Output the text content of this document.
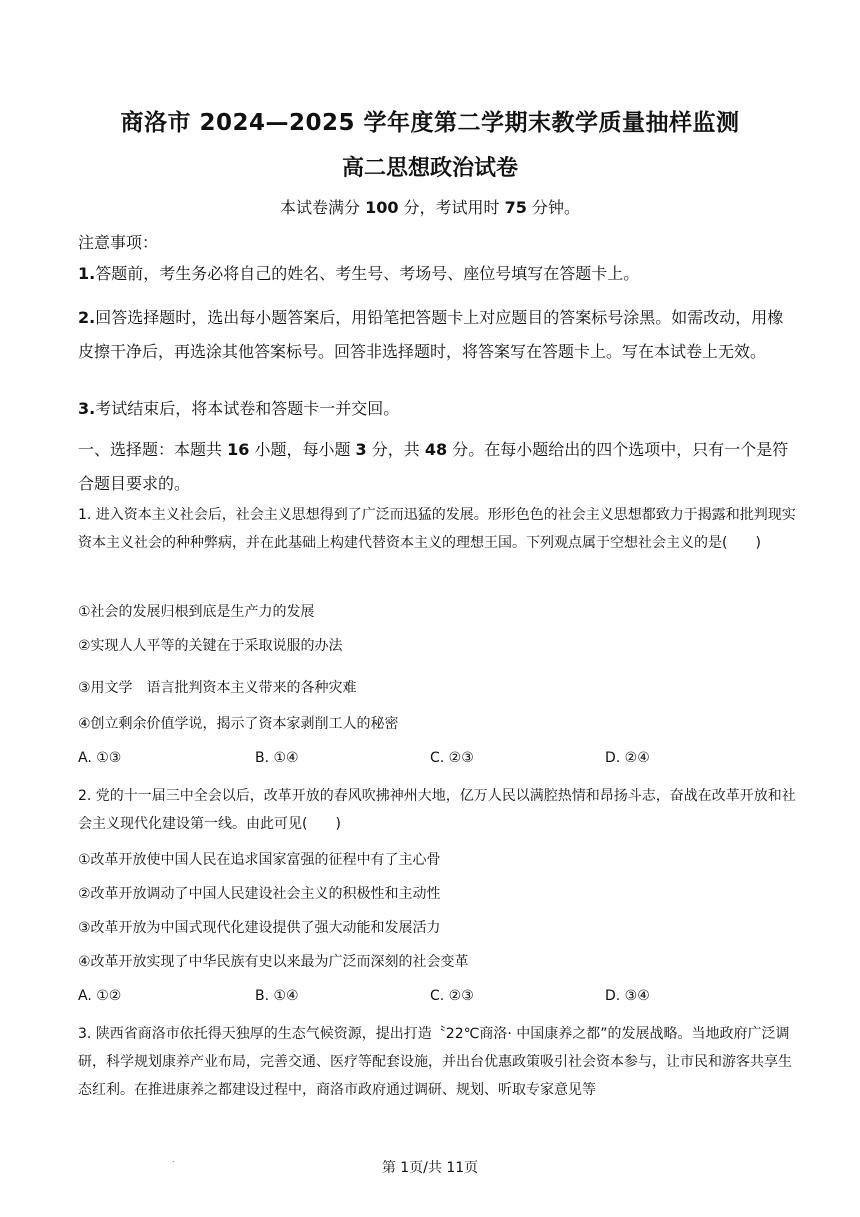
商洛市 2024—2025 学年度第二学期末教学质量抽样监测
高二思想政治试卷
本试卷满分 100 分，考试用时 75 分钟。
注意事项：
1.答题前，考生务必将自己的姓名、考生号、考场号、座位号填写在答题卡上。
2.回答选择题时，选出每小题答案后，用铅笔把答题卡上对应题目的答案标号涂黑。如需改动，用橡皮擦干净后，再选涂其他答案标号。回答非选择题时，将答案写在答题卡上。写在本试卷上无效。
3.考试结束后，将本试卷和答题卡一并交回。
一、选择题：本题共 16 小题，每小题 3 分，共 48 分。在每小题给出的四个选项中，只有一个是符合题目要求的。
1. 进入资本主义社会后，社会主义思想得到了广泛而迅猛的发展。形形色色的社会主义思想都致力于揭露和批判现实资本主义社会的种种弊病，并在此基础上构建代替资本主义的理想王国。下列观点属于空想社会主义的是(　　)
①社会的发展归根到底是生产力的发展
②实现人人平等的关键在于采取说服的办法
③用文学　语言批判资本主义带来的各种灾难
④创立剩余价值学说，揭示了资本家剥削工人的秘密
A. ①③	B. ①④	C. ②③	D. ②④
2. 党的十一届三中全会以后，改革开放的春风吹拂神州大地，亿万人民以满腔热情和昂扬斗志，奋战在改革开放和社会主义现代化建设第一线。由此可见(　　)
①改革开放使中国人民在追求国家富强的征程中有了主心骨
②改革开放调动了中国人民建设社会主义的积极性和主动性
③改革开放为中国式现代化建设提供了强大动能和发展活力
④改革开放实现了中华民族有史以来最为广泛而深刻的社会变革
A. ①②	B. ①④	C. ②③	D. ③④
3. 陕西省商洛市依托得天独厚的生态气候资源，提出打造〝22℃商洛· 中国康养之都”的发展战略。当地政府广泛调研，科学规划康养产业布局，完善交通、医疗等配套设施，并出台优惠政策吸引社会资本参与，让市民和游客共享生态红利。在推进康养之都建设过程中，商洛市政府通过调研、规划、听取专家意见等
.
第 1页/共 11页
